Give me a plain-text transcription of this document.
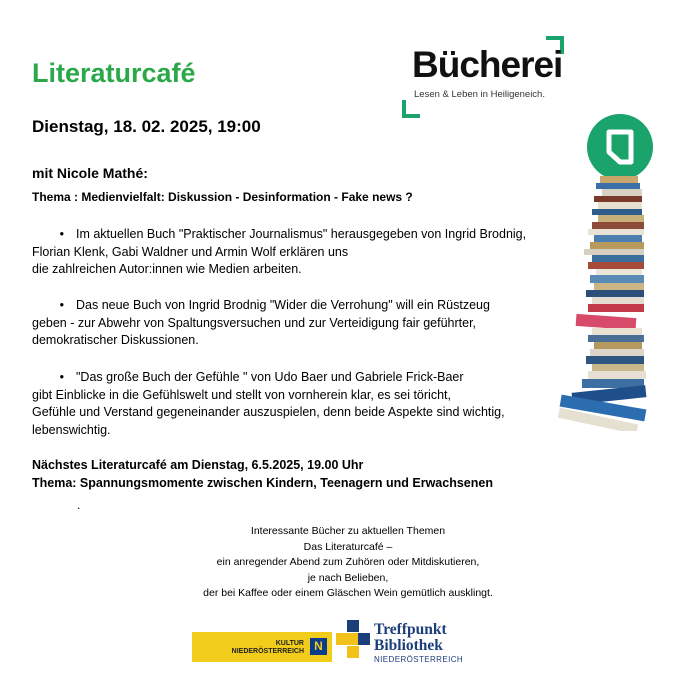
Literaturcafé
Dienstag, 18. 02. 2025, 19:00
mit Nicole Mathé:
Thema : Medienvielfalt: Diskussion - Desinformation - Fake news ?
Bücherei
Lesen & Leben in Heiligeneich.
• Im aktuellen Buch "Praktischer Journalismus" herausgegeben von Ingrid Brodnig,
Florian Klenk, Gabi Waldner und Armin Wolf erklären uns
die zahlreichen Autor:innen wie Medien arbeiten.
• Das neue Buch von Ingrid Brodnig "Wider die Verrohung" will ein Rüstzeug
geben - zur Abwehr von Spaltungsversuchen und zur Verteidigung fair geführter,
demokratischer Diskussionen.
• "Das große Buch der Gefühle " von Udo Baer und Gabriele Frick-Baer
gibt Einblicke in die Gefühlswelt und stellt von vornherein klar, es sei töricht,
Gefühle und Verstand gegeneinander auszuspielen, denn beide Aspekte sind wichtig,
lebenswichtig.
Nächstes Literaturcafé am Dienstag, 6.5.2025, 19.00 Uhr
Thema: Spannungsmomente zwischen Kindern, Teenagern und Erwachsenen
.
Interessante Bücher zu aktuellen Themen
Das Literaturcafé –
ein anregender Abend zum Zuhören oder Mitdiskutieren,
je nach Belieben,
der bei Kaffee oder einem Gläschen Wein gemütlich ausklingt.
KULTUR
NIEDERÖSTERREICH N
Treffpunkt
Bibliothek
NIEDERÖSTERREICH
